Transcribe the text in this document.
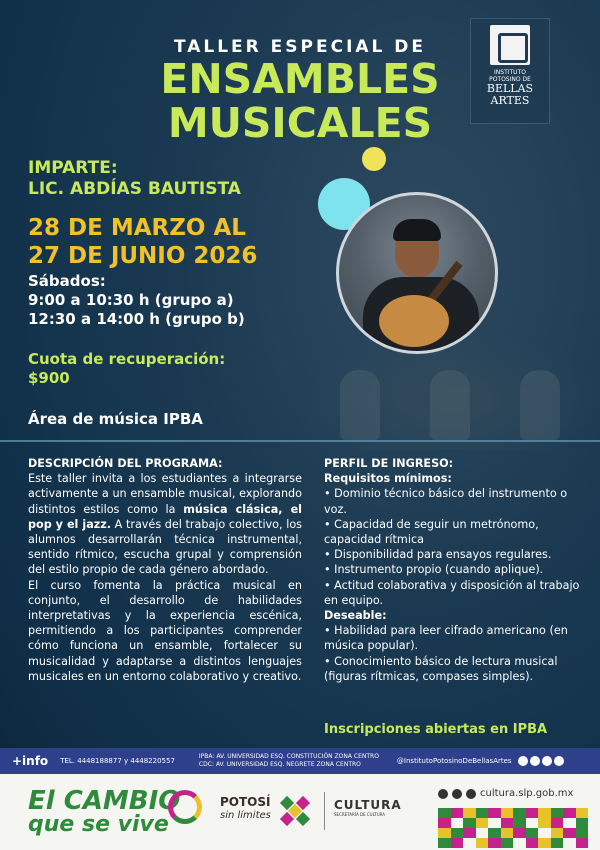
TALLER ESPECIAL DE
ENSAMBLES
MUSICALES
INSTITUTO
POTOSINO DE
BELLAS
ARTES
IMPARTE:
LIC. ABDÍAS BAUTISTA
28 DE MARZO AL
27 DE JUNIO 2026
Sábados:
9:00 a 10:30 h (grupo a)
12:30 a 14:00 h (grupo b)
Cuota de recuperación:
$900
Área de música IPBA
DESCRIPCIÓN DEL PROGRAMA:
Este taller invita a los estudiantes a integrarse activamente a un ensamble musical, explorando distintos estilos como la música clásica, el pop y el jazz. A través del trabajo colectivo, los alumnos desarrollarán técnica instrumental, sentido rítmico, escucha grupal y comprensión del estilo propio de cada género abordado.
El curso fomenta la práctica musical en conjunto, el desarrollo de habilidades interpretativas y la experiencia escénica, permitiendo a los participantes comprender cómo funciona un ensamble, fortalecer su musicalidad y adaptarse a distintos lenguajes musicales en un entorno colaborativo y creativo.
PERFIL DE INGRESO:
Requisitos mínimos:
• Dominio técnico básico del instrumento o voz.
• Capacidad de seguir un metrónomo, capacidad rítmica
• Disponibilidad para ensayos regulares.
• Instrumento propio (cuando aplique).
• Actitud colaborativa y disposición al trabajo en equipo.
Deseable:
• Habilidad para leer cifrado americano (en música popular).
• Conocimiento básico de lectura musical (figuras rítmicas, compases simples).
Inscripciones abiertas en IPBA
+info TEL. 4448188877 y 4448220557
IPBA: AV. UNIVERSIDAD ESQ. CONSTITUCIÓN ZONA CENTRO
CDC: AV. UNIVERSIDAD ESQ. NEGRETE ZONA CENTRO	@InstitutoPotosinoDeBellasArtes
El CAMBIO
que se vive
POTOSÍ
sin límites
CULTURA
SECRETARÍA DE CULTURA
cultura.slp.gob.mx
